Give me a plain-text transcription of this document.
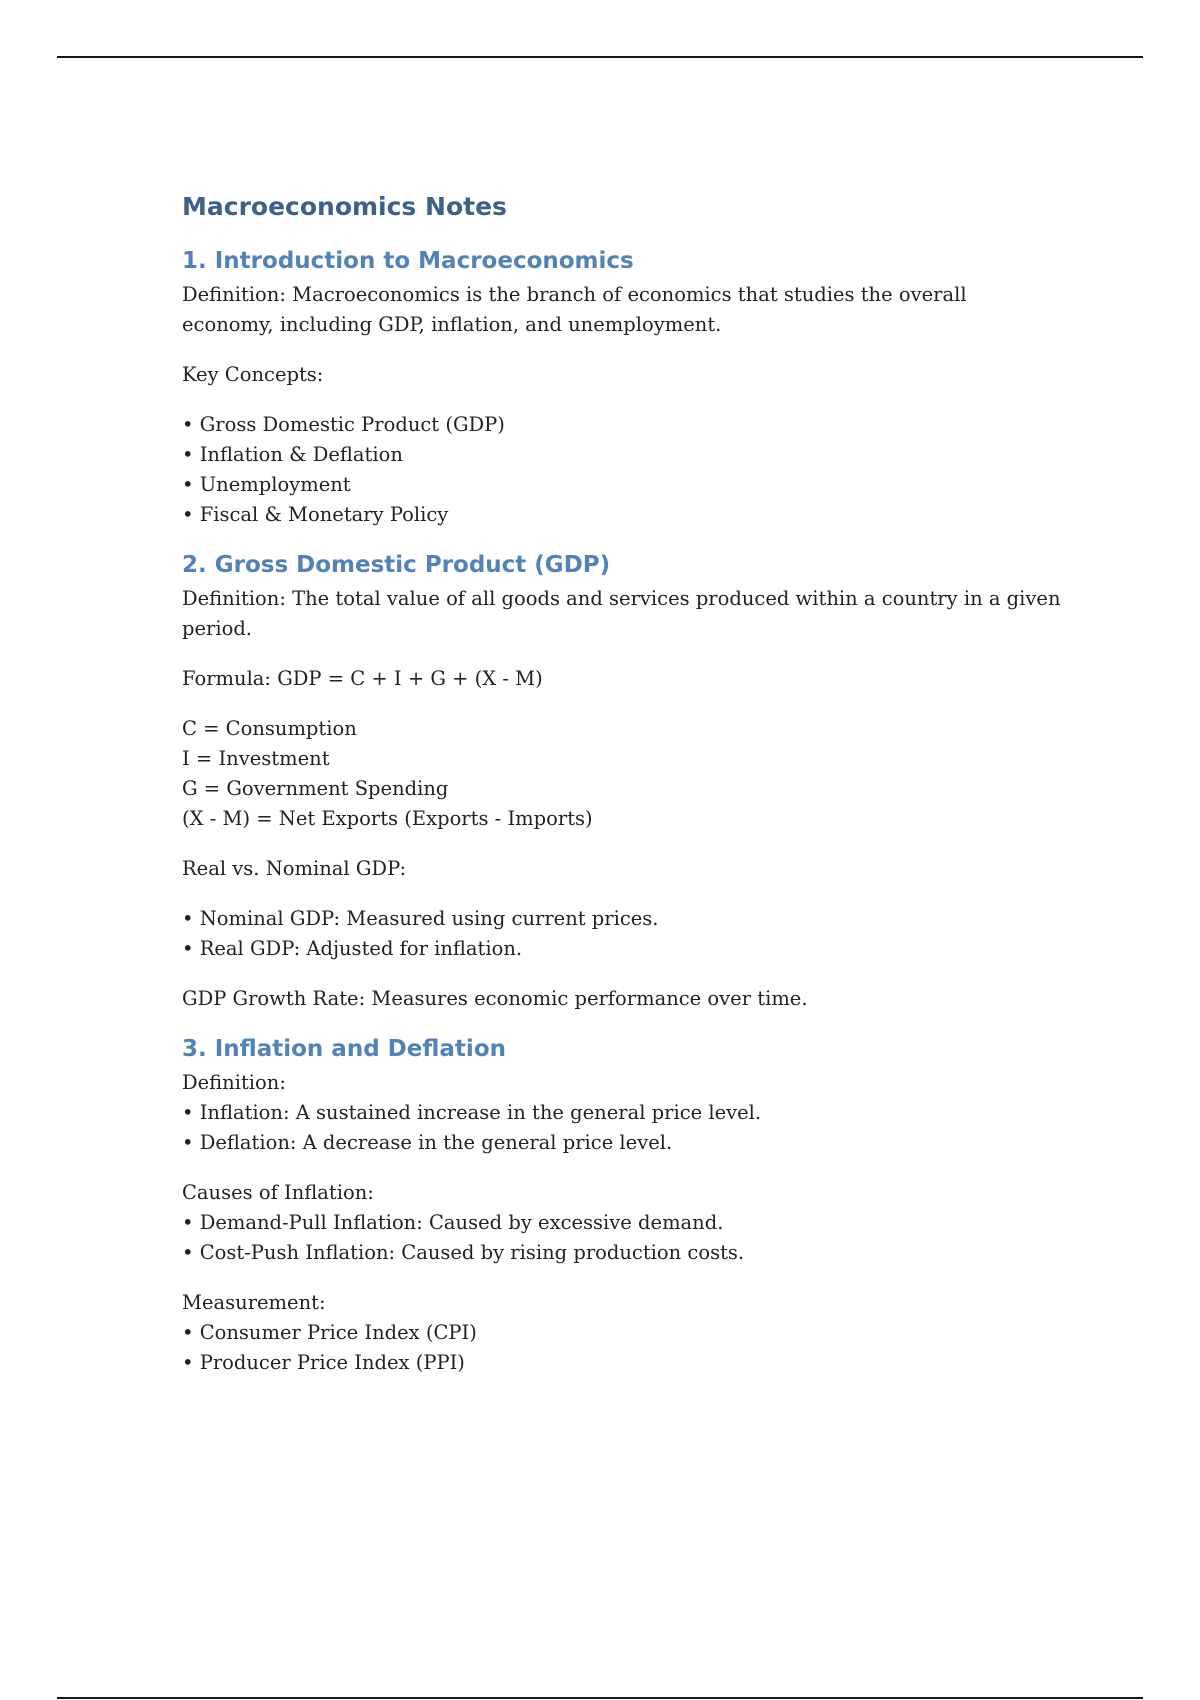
Macroeconomics Notes
1. Introduction to Macroeconomics

Definition: Macroeconomics is the branch of economics that studies the overall economy, including GDP, inflation, and unemployment.

Key Concepts:

• Gross Domestic Product (GDP)
• Inflation & Deflation
• Unemployment
• Fiscal & Monetary Policy
2. Gross Domestic Product (GDP)

Definition: The total value of all goods and services produced within a country in a given period.

Formula: GDP = C + I + G + (X - M)

C = Consumption
I = Investment
G = Government Spending
(X - M) = Net Exports (Exports - Imports)

Real vs. Nominal GDP:

• Nominal GDP: Measured using current prices.
• Real GDP: Adjusted for inflation.

GDP Growth Rate: Measures economic performance over time.

3. Inflation and Deflation

Definition:

• Inflation: A sustained increase in the general price level.
• Deflation: A decrease in the general price level.

Causes of Inflation:

• Demand-Pull Inflation: Caused by excessive demand.
• Cost-Push Inflation: Caused by rising production costs.

Measurement:

• Consumer Price Index (CPI)
• Producer Price Index (PPI)
